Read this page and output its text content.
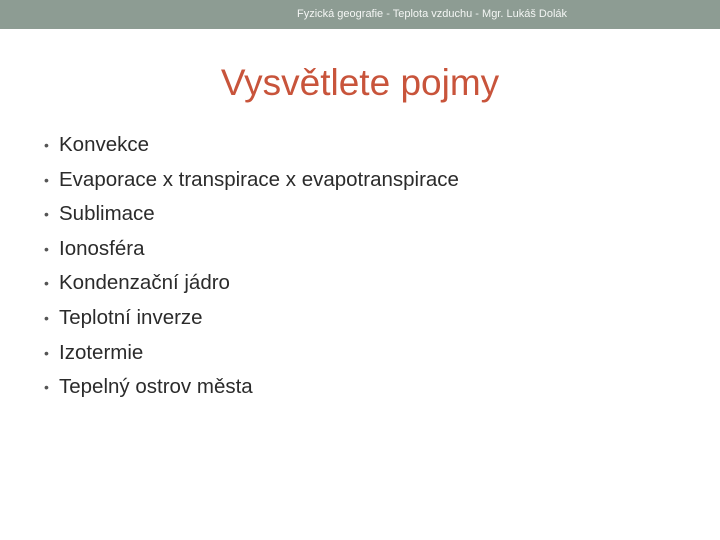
Fyzická geografie - Teplota vzduchu - Mgr. Lukáš Dolák
Vysvětlete pojmy
• Konvekce
• Evaporace x transpirace x evapotranspirace
• Sublimace
• Ionosféra
• Kondenzační jádro
• Teplotní inverze
• Izotermie
• Tepelný ostrov města
